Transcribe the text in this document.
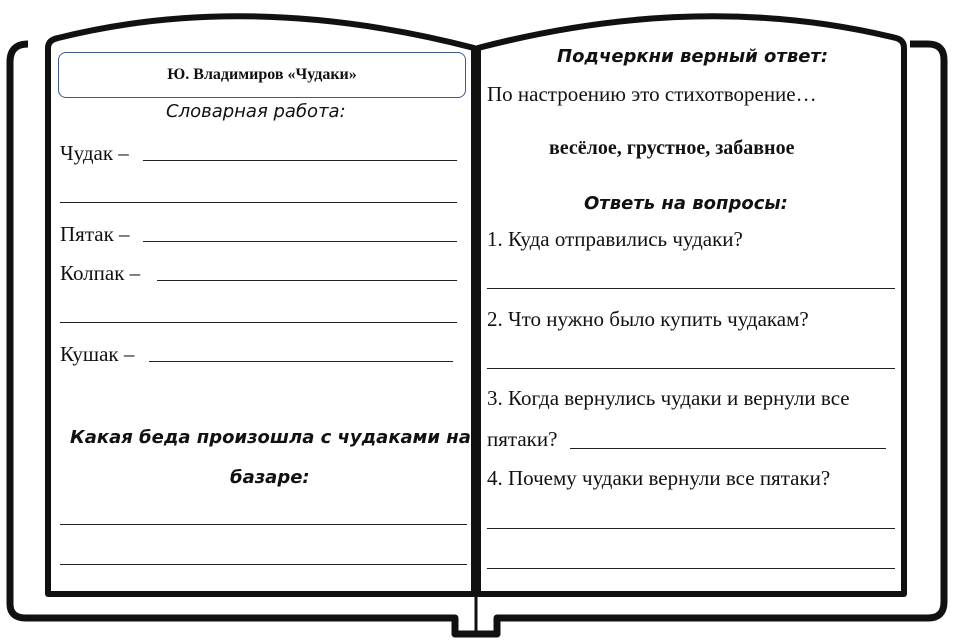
Ю. Владимиров «Чудаки»
Словарная работа:
Чудак –
Пятак –
Колпак –
Кушак –
Какая беда произошла с чудаками на
базаре:
Подчеркни верный ответ:
По настроению это стихотворение…
весёлое, грустное, забавное
Ответь на вопросы:
1. Куда отправились чудаки?
2. Что нужно было купить чудакам?
3. Когда вернулись чудаки и вернули все
пятаки?
4. Почему чудаки вернули все пятаки?
